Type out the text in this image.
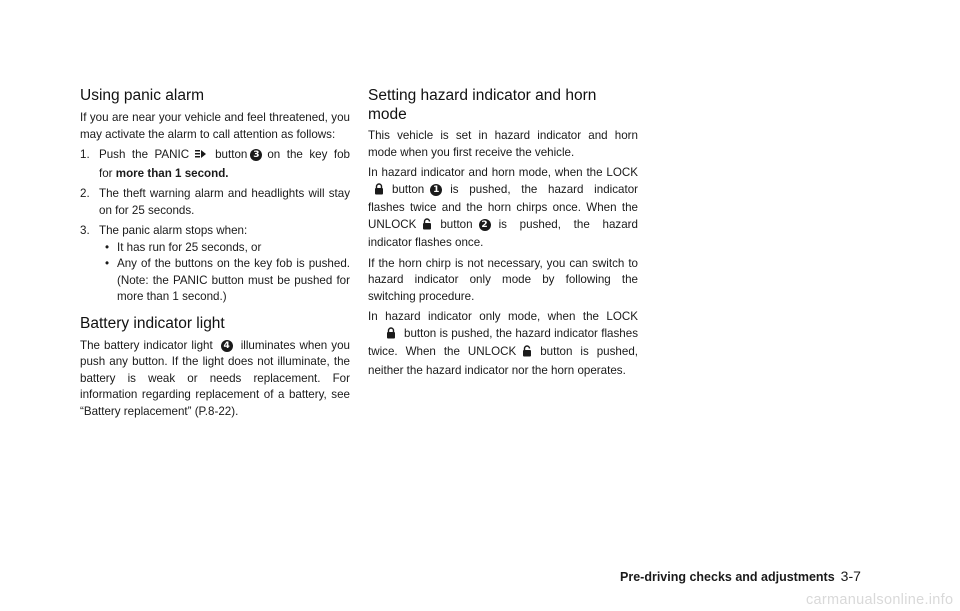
Using panic alarm

If you are near your vehicle and feel threatened, you may activate the alarm to call attention as follows:

1. Push the PANIC button 3 on the key fob for more than 1 second.
2. The theft warning alarm and headlights will stay on for 25 seconds.
3. The panic alarm stops when:
• It has run for 25 seconds, or
• Any of the buttons on the key fob is pushed. (Note: the PANIC button must be pushed for more than 1 second.)
Battery indicator light

The battery indicator light 4 illuminates when you push any button. If the light does not illuminate, the battery is weak or needs replacement. For information regarding replacement of a battery, see “Battery replacement” (P.8-22).

Setting hazard indicator and horn mode

This vehicle is set in hazard indicator and horn mode when you first receive the vehicle.

In hazard indicator and horn mode, when the LOCKbutton 1 is pushed, the hazard indicator flashes twice and the horn chirps once. When the UNLOCK button 2 is pushed, the hazard indicator flashes once.

If the horn chirp is not necessary, you can switch to hazard indicator only mode by following the switching procedure.

In hazard indicator only mode, when the LOCKbutton is pushed, the hazard indicator flashes twice. When the UNLOCK button is pushed, neither the hazard indicator nor the horn operates.

Pre-driving checks and adjustments 3-7
carmanualsonline.info
